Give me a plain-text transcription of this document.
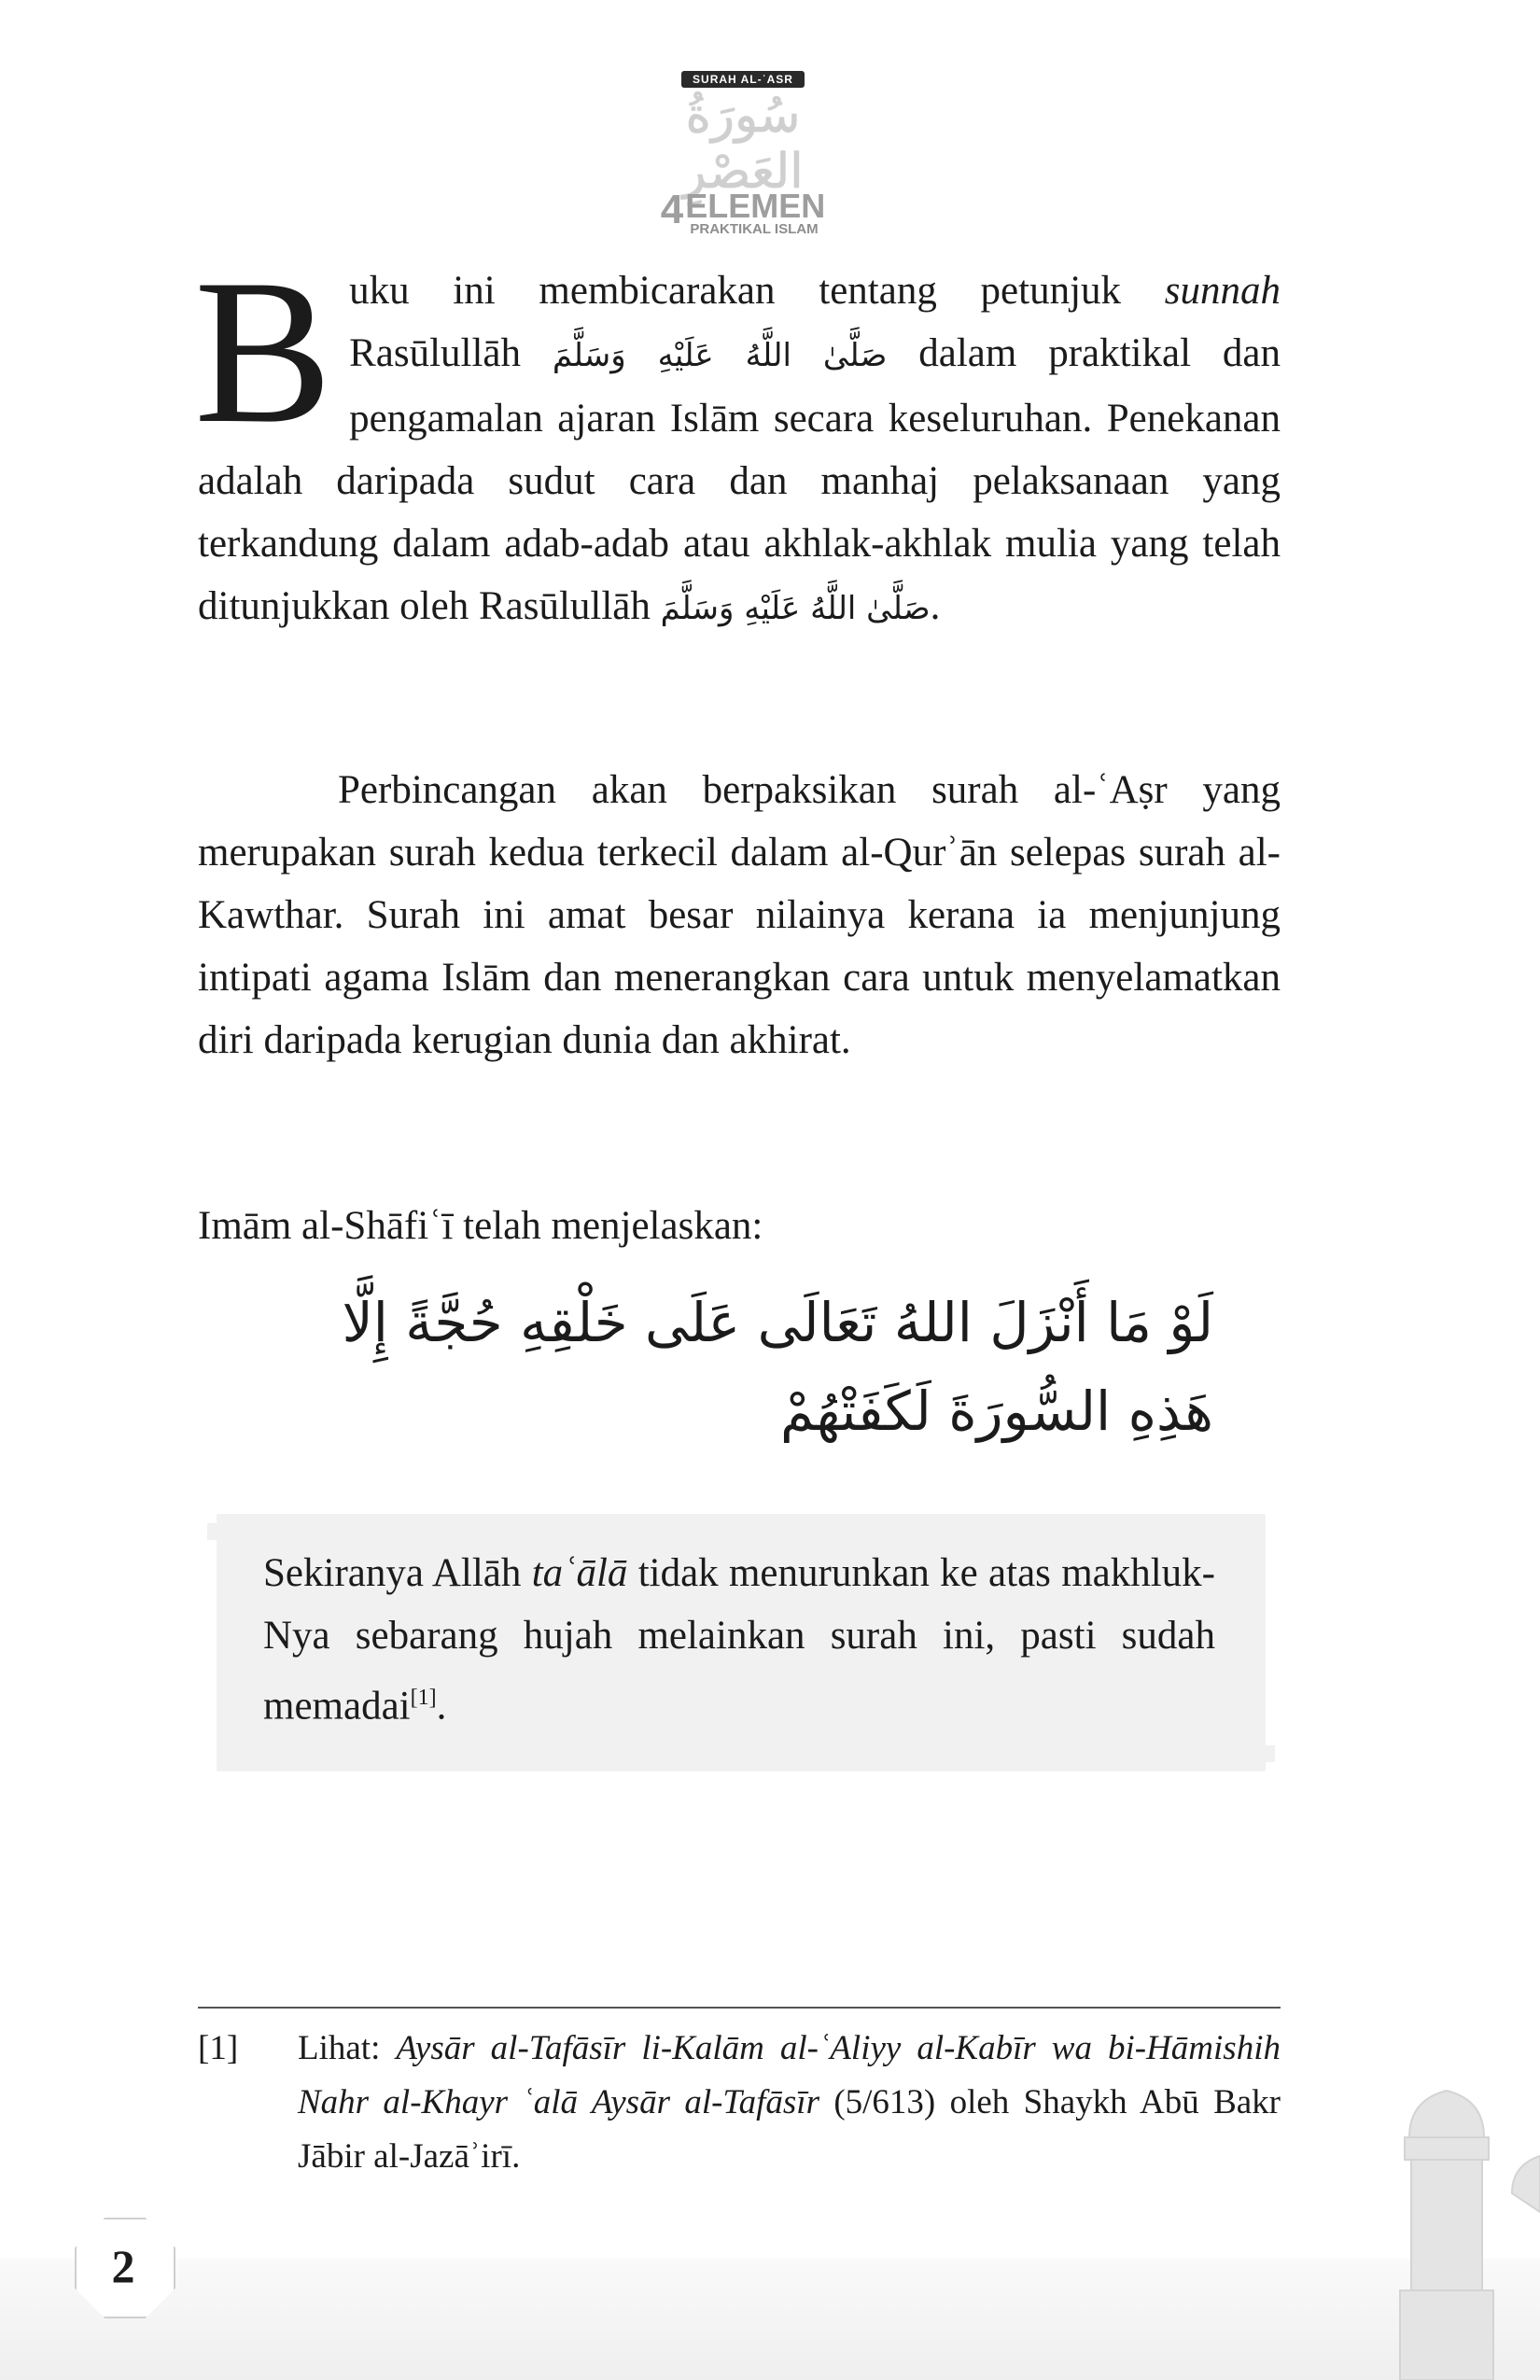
SURAH AL-ʿASR
سُورَةُ العَصْرِ
4ELEMEN
PRAKTIKAL ISLAM
Buku ini membicarakan tentang petunjuk sunnah Rasūlullāh صَلَّىٰ اللَّهُ عَلَيْهِ وَسَلَّمَ dalam praktikal dan pengamalan ajaran Islām secara keseluruhan. Penekanan adalah daripada sudut cara dan manhaj pelaksanaan yang terkandung dalam adab-adab atau akhlak-akhlak mulia yang telah ditunjukkan oleh Rasūlullāh صَلَّىٰ اللَّهُ عَلَيْهِ وَسَلَّمَ.
Perbincangan akan berpaksikan surah al-ʿAṣr yang merupakan surah kedua terkecil dalam al-Qurʾān selepas surah al-Kawthar. Surah ini amat besar nilainya kerana ia menjunjung intipati agama Islām dan menerangkan cara untuk menyelamatkan diri daripada kerugian dunia dan akhirat.
Imām al-Shāfiʿī telah menjelaskan:
لَوْ مَا أَنْزَلَ اللهُ تَعَالَى عَلَى خَلْقِهِ حُجَّةً إِلَّا هَذِهِ السُّورَةَ لَكَفَتْهُمْ
Sekiranya Allāh taʿālā tidak menurunkan ke atas makhluk-Nya sebarang hujah melainkan surah ini, pasti sudah memadai[1].
[1] Lihat: Aysār al-Tafāsīr li-Kalām al-ʿAliyy al-Kabīr wa bi-Hāmishih Nahr al-Khayr ʿalā Aysār al-Tafāsīr (5/613) oleh Shaykh Abū Bakr Jābir al-Jazāʾirī.
2
